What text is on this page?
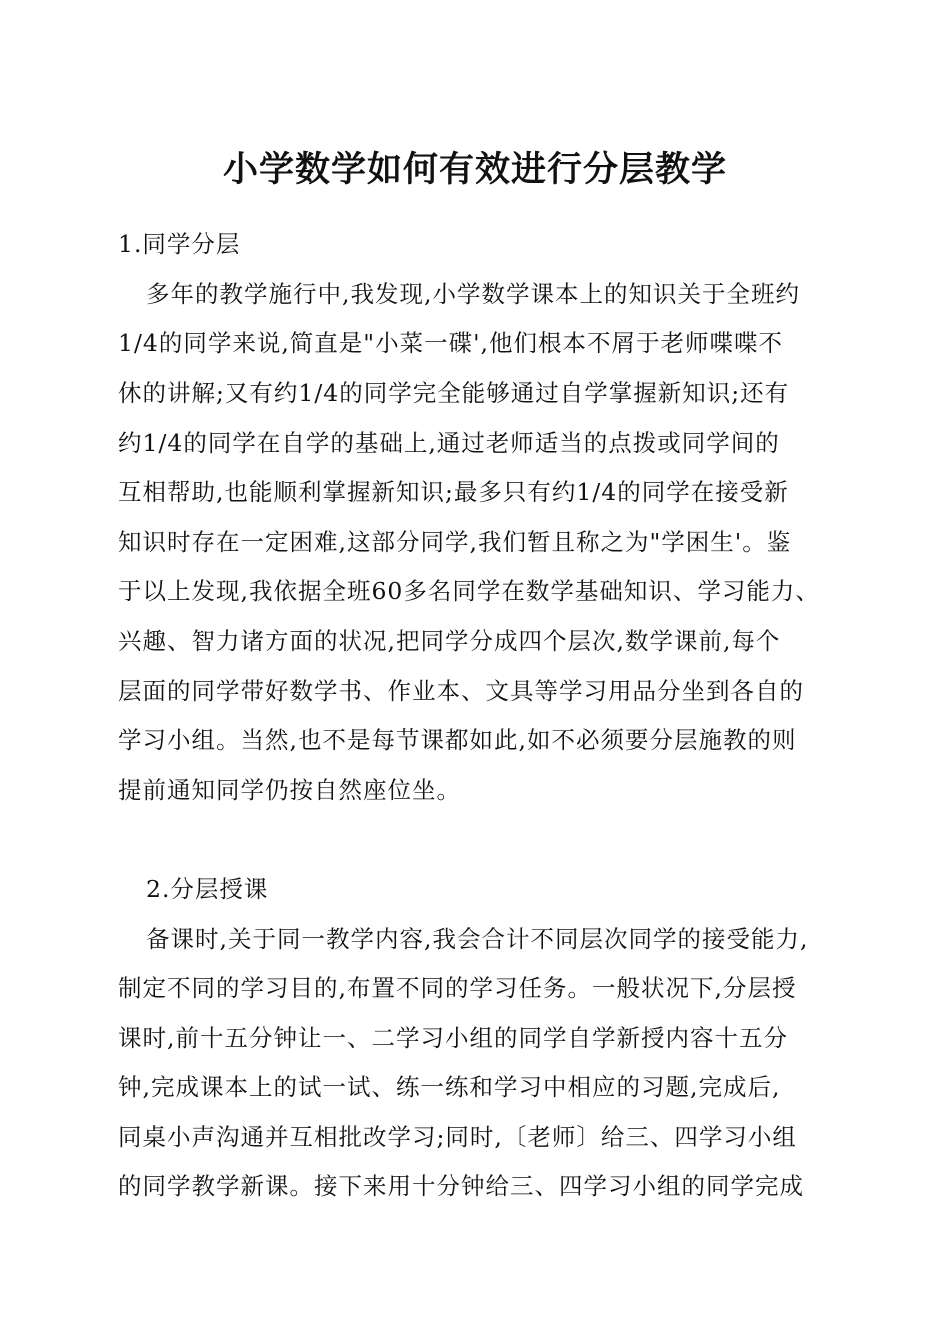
小学数学如何有效进行分层教学
1.同学分层
多年的教学施行中,我发现,小学数学课本上的知识关于全班约
1/4的同学来说,简直是"小菜一碟',他们根本不屑于老师喋喋不
休的讲解;又有约1/4的同学完全能够通过自学掌握新知识;还有
约1/4的同学在自学的基础上,通过老师适当的点拨或同学间的
互相帮助,也能顺利掌握新知识;最多只有约1/4的同学在接受新
知识时存在一定困难,这部分同学,我们暂且称之为"学困生'。鉴
于以上发现,我依据全班60多名同学在数学基础知识、学习能力、
兴趣、智力诸方面的状况,把同学分成四个层次,数学课前,每个
层面的同学带好数学书、作业本、文具等学习用品分坐到各自的
学习小组。当然,也不是每节课都如此,如不必须要分层施教的则
提前通知同学仍按自然座位坐。
2.分层授课
备课时,关于同一教学内容,我会合计不同层次同学的接受能力,
制定不同的学习目的,布置不同的学习任务。一般状况下,分层授
课时,前十五分钟让一、二学习小组的同学自学新授内容十五分
钟,完成课本上的试一试、练一练和学习中相应的习题,完成后,
同桌小声沟通并互相批改学习;同时,〔老师〕给三、四学习小组
的同学教学新课。接下来用十分钟给三、四学习小组的同学完成
